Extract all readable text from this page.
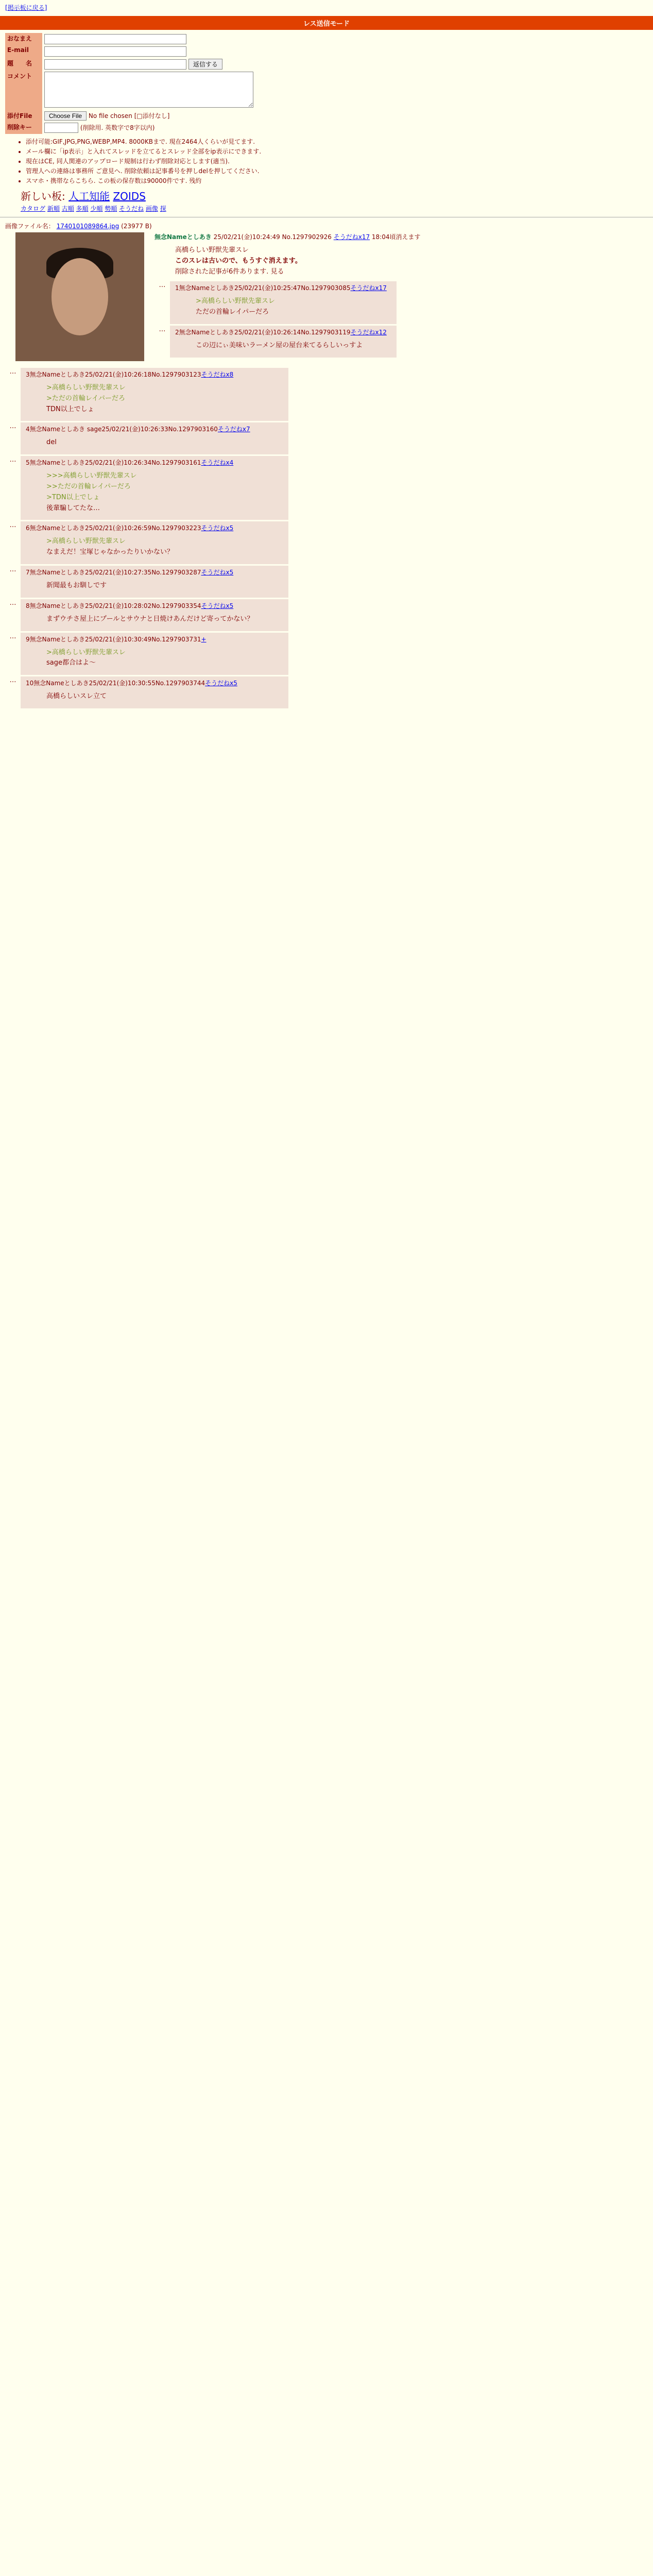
[掲示板に戻る]
レス送信モード
おなまえ	
E-mail	
題　　名	返信する
コメント	
添付File	Choose File No file chosen [□添付なし]
削除キー	(削除用. 英数字で8字以内)
• 添付可能:GIF,JPG,PNG,WEBP,MP4. 8000KBまで. 現在2464人くらいが見てます.
• メール欄に「ip表示」と入れてスレッドを立てるとスレッド全部をip表示にできます.
• 現在はCE, 同人関連のアップロード規制は行わず削除対応とします(適当).
• 管理人への連絡は事務所 ご意見へ. 削除依頼は記事番号を押しdelを押してください.
• スマホ・携帯ならこちら. この板の保存数は90000件です. 残約
新しい板: 人工知能 ZOIDS
カタログ 新順 古順 多順 少順 勢順 そうだね 画像 探
画像ファイル名： 1740101089864.jpg (23977 B)
無念Nameとしあき 25/02/21(金)10:24:49 No.1297902926 そうだねx17 18:04頃消えます
高橋らしい野獣先輩スレ
このスレは古いので、もうすぐ消えます。
削除された記事が6件あります. 見る
…	1無念Nameとしあき25/02/21(金)10:25:47No.1297903085そうだねx17
>高橋らしい野獣先輩スレ
ただの首輪レイパーだろ
…	2無念Nameとしあき25/02/21(金)10:26:14No.1297903119そうだねx12
この辺にぃ美味いラーメン屋の屋台来てるらしいっすよ
…	3無念Nameとしあき25/02/21(金)10:26:18No.1297903123そうだねx8
>高橋らしい野獣先輩スレ
>ただの首輪レイパーだろ
TDN以上でしょ
…	4無念Nameとしあき sage25/02/21(金)10:26:33No.1297903160そうだねx7
del
…	5無念Nameとしあき25/02/21(金)10:26:34No.1297903161そうだねx4
>>>高橋らしい野獣先輩スレ
>>ただの首輪レイパーだろ
>TDN以上でしょ
後輩騙してたな…
…	6無念Nameとしあき25/02/21(金)10:26:59No.1297903223そうだねx5
>高橋らしい野獣先輩スレ
なまえだ！宝塚じゃなかったりいかない？
…	7無念Nameとしあき25/02/21(金)10:27:35No.1297903287そうだねx5
新聞最もお馴しです
…	8無念Nameとしあき25/02/21(金)10:28:02No.1297903354そうだねx5
まずウチさ屋上にプールとサウナと日焼けあんだけど寄ってかない？
…	9無念Nameとしあき25/02/21(金)10:30:49No.1297903731+
>高橋らしい野獣先輩スレ
sage都合はよ～
…	10無念Nameとしあき25/02/21(金)10:30:55No.1297903744そうだねx5
高橋らしいスレ立て
